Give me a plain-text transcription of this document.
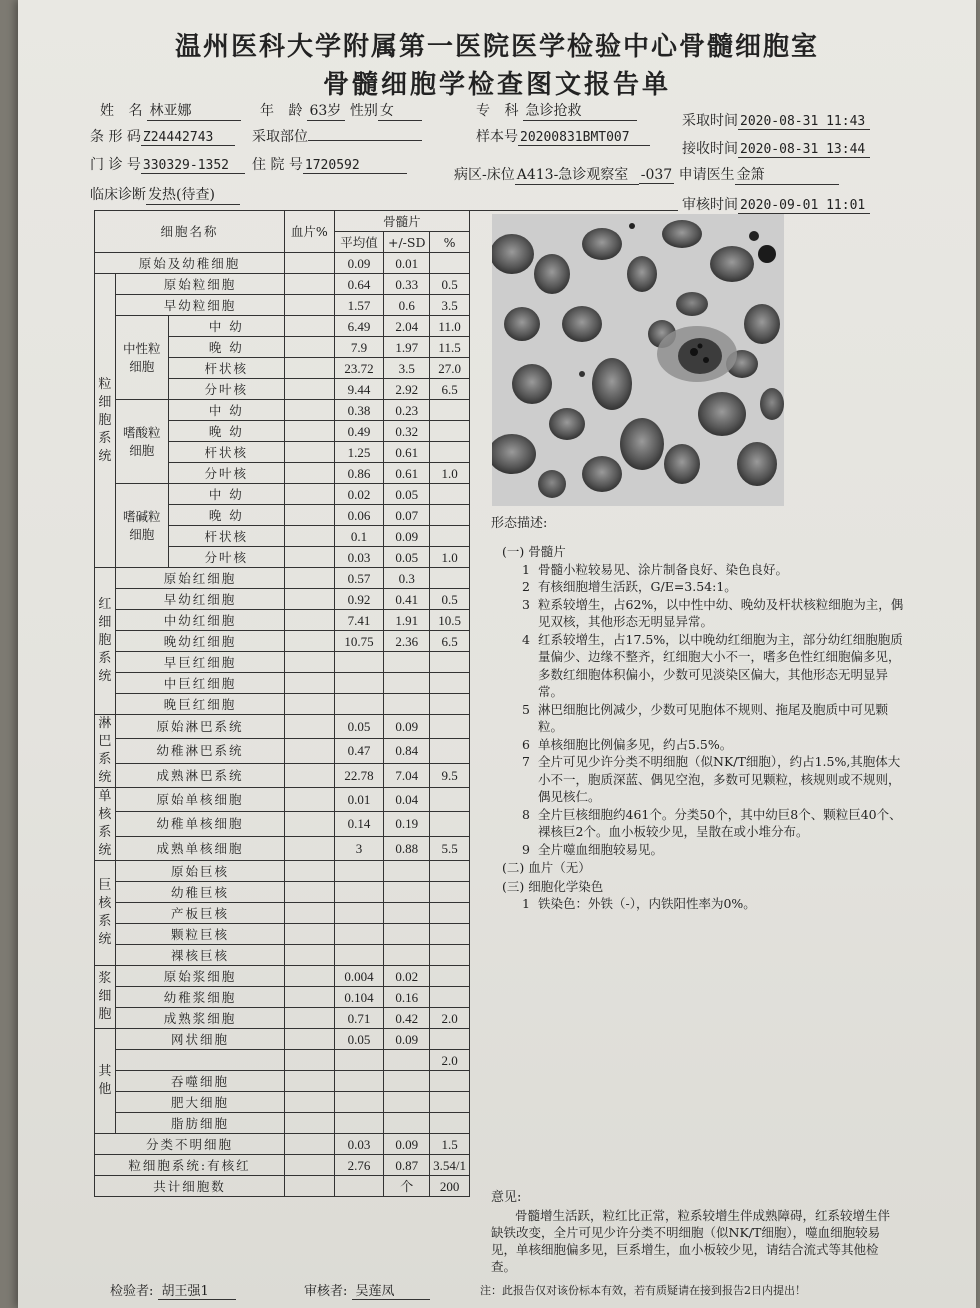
温州医科大学附属第一医院医学检验中心骨髓细胞室
骨髓细胞学检查图文报告单
姓 名 林亚娜	年 龄 63岁 性别 女	专 科 急诊抢救
采取时间 2020-08-31 11:43
条 形 码 Z24442743	采取部位	样本号 20200831BMT007
接收时间 2020-08-31 13:44
门 诊 号 330329-1352	住 院 号 1720592
病区-床位 A413-急诊观察室 -037 申请医生 金箫
临床诊断 发热(待查)
审核时间 2020-09-01 11:01
细胞名称			血片%	骨髓片		
				平均值	+/-SD	%
原始及幼稚细胞				0.09	0.01	
粒细胞系统	原始粒细胞			0.64	0.33	0.5
	早幼粒细胞			1.57	0.6	3.5
	中性粒细胞	中 幼		6.49	2.04	11.0
		晚 幼		7.9	1.97	11.5
		杆状核		23.72	3.5	27.0
		分叶核		9.44	2.92	6.5
	嗜酸粒细胞	中 幼		0.38	0.23	
		晚 幼		0.49	0.32	
		杆状核		1.25	0.61	
		分叶核		0.86	0.61	1.0
	嗜碱粒细胞	中 幼		0.02	0.05	
		晚 幼		0.06	0.07	
		杆状核		0.1	0.09	
		分叶核		0.03	0.05	1.0
红细胞系统	原始红细胞			0.57	0.3	
	早幼红细胞			0.92	0.41	0.5
	中幼红细胞			7.41	1.91	10.5
	晚幼红细胞			10.75	2.36	6.5
	早巨红细胞					
	中巨红细胞					
	晚巨红细胞					
淋巴系统	原始淋巴系统			0.05	0.09	
	幼稚淋巴系统			0.47	0.84	
	成熟淋巴系统			22.78	7.04	9.5
单核系统	原始单核细胞			0.01	0.04	
	幼稚单核细胞			0.14	0.19	
	成熟单核细胞			3	0.88	5.5
巨核系统	原始巨核					
	幼稚巨核					
	产板巨核					
	颗粒巨核					
	裸核巨核					
浆细胞	原始浆细胞			0.004	0.02	
	幼稚浆细胞			0.104	0.16	
	成熟浆细胞			0.71	0.42	2.0
其他	网状细胞			0.05	0.09	
						2.0
	吞噬细胞					
	肥大细胞					
	脂肪细胞					
分类不明细胞				0.03	0.09	1.5
粒细胞系统:有核红				2.76	0.87	3.54/1
共计细胞数					个	200
形态描述:
(一) 骨髓片
1 骨髓小粒较易见、涂片制备良好、染色良好。
2 有核细胞增生活跃，G/E=3.54:1。
3 粒系较增生，占62%，以中性中幼、晚幼及杆状核粒细胞为主，偶见双核，其他形态无明显异常。
4 红系较增生，占17.5%，以中晚幼红细胞为主，部分幼红细胞胞质量偏少、边缘不整齐，红细胞大小不一，嗜多色性红细胞偏多见，多数红细胞体积偏小，少数可见淡染区偏大，其他形态无明显异常。
5 淋巴细胞比例减少，少数可见胞体不规则、拖尾及胞质中可见颗粒。
6 单核细胞比例偏多见，约占5.5%。
7 全片可见少许分类不明细胞（似NK/T细胞），约占1.5%,其胞体大小不一，胞质深蓝、偶见空泡，多数可见颗粒，核规则或不规则，偶见核仁。
8 全片巨核细胞约461个。分类50个，其中幼巨8个、颗粒巨40个、裸核巨2个。血小板较少见，呈散在或小堆分布。
9 全片噬血细胞较易见。
(二) 血片（无）
(三) 细胞化学染色
1 铁染色：外铁（-），内铁阳性率为0%。
意见:
骨髓增生活跃，粒红比正常，粒系较增生伴成熟障碍，红系较增生伴缺铁改变，全片可见少许分类不明细胞（似NK/T细胞），噬血细胞较易见，单核细胞偏多见，巨系增生，血小板较少见，请结合流式等其他检查。
检验者: 胡王强1	审核者: 吴莲凤	注：此报告仅对该份标本有效，若有质疑请在接到报告2日内提出！
